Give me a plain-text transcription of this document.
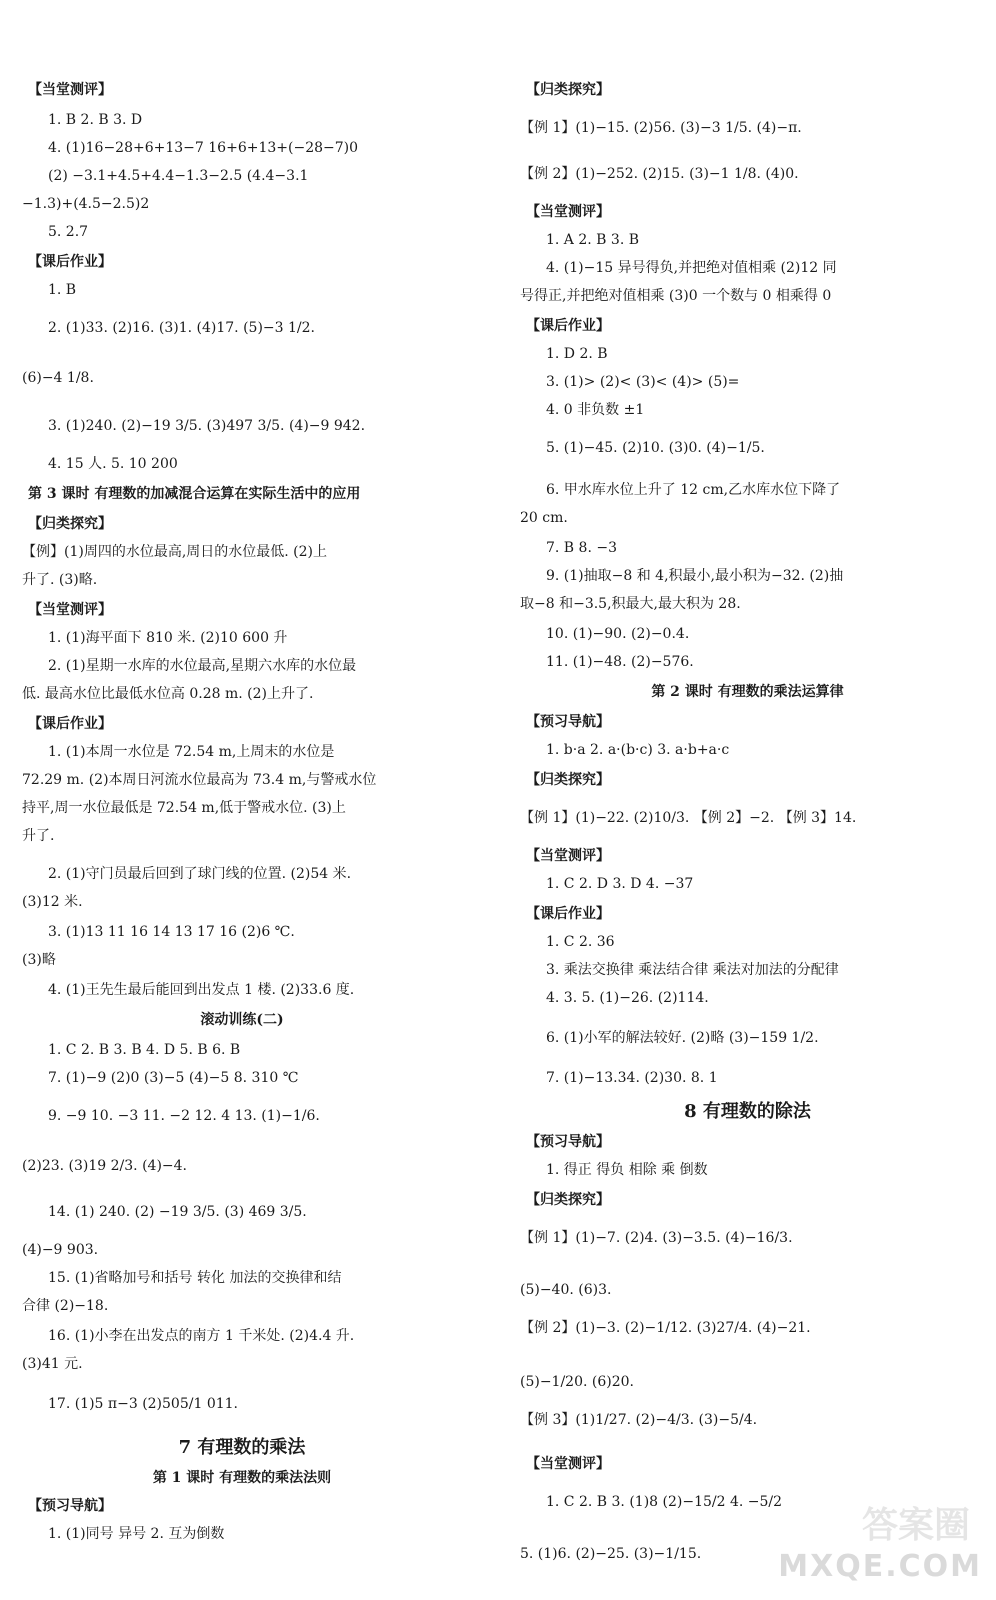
【当堂测评】
1. B 2. B 3. D
4. (1)16−28+6+13−7 16+6+13+(−28−7)0
(2) −3.1+4.5+4.4−1.3−2.5 (4.4−3.1
−1.3)+(4.5−2.5)2
5. 2.7
【课后作业】
1. B
2. (1)33. (2)16. (3)1. (4)17. (5)−3 1/2.
(6)−4 1/8.
3. (1)240. (2)−19 3/5. (3)497 3/5. (4)−9 942.
4. 15 人. 5. 10 200
第 3 课时 有理数的加减混合运算在实际生活中的应用
【归类探究】
【例】(1)周四的水位最高,周日的水位最低. (2)上
升了. (3)略.
【当堂测评】
1. (1)海平面下 810 米. (2)10 600 升
2. (1)星期一水库的水位最高,星期六水库的水位最
低. 最高水位比最低水位高 0.28 m. (2)上升了.
【课后作业】
1. (1)本周一水位是 72.54 m,上周末的水位是
72.29 m. (2)本周日河流水位最高为 73.4 m,与警戒水位
持平,周一水位最低是 72.54 m,低于警戒水位. (3)上
升了.
2. (1)守门员最后回到了球门线的位置. (2)54 米.
(3)12 米.
3. (1)13 11 16 14 13 17 16 (2)6 ℃.
(3)略
4. (1)王先生最后能回到出发点 1 楼. (2)33.6 度.
滚动训练(二)
1. C 2. B 3. B 4. D 5. B 6. B
7. (1)−9 (2)0 (3)−5 (4)−5 8. 310 ℃
9. −9 10. −3 11. −2 12. 4 13. (1)−1/6.
(2)23. (3)19 2/3. (4)−4.
14. (1) 240. (2) −19 3/5. (3) 469 3/5.
(4)−9 903.
15. (1)省略加号和括号 转化 加法的交换律和结
合律 (2)−18.
16. (1)小李在出发点的南方 1 千米处. (2)4.4 升.
(3)41 元.
17. (1)5 π−3 (2)505/1 011.
7 有理数的乘法
第 1 课时 有理数的乘法法则
【预习导航】
1. (1)同号 异号 2. 互为倒数
【归类探究】
【例 1】(1)−15. (2)56. (3)−3 1/5. (4)−π.
【例 2】(1)−252. (2)15. (3)−1 1/8. (4)0.
【当堂测评】
1. A 2. B 3. B
4. (1)−15 异号得负,并把绝对值相乘 (2)12 同
号得正,并把绝对值相乘 (3)0 一个数与 0 相乘得 0
【课后作业】
1. D 2. B
3. (1)> (2)< (3)< (4)> (5)=
4. 0 非负数 ±1
5. (1)−45. (2)10. (3)0. (4)−1/5.
6. 甲水库水位上升了 12 cm,乙水库水位下降了
20 cm.
7. B 8. −3
9. (1)抽取−8 和 4,积最小,最小积为−32. (2)抽
取−8 和−3.5,积最大,最大积为 28.
10. (1)−90. (2)−0.4.
11. (1)−48. (2)−576.
第 2 课时 有理数的乘法运算律
【预习导航】
1. b·a 2. a·(b·c) 3. a·b+a·c
【归类探究】
【例 1】(1)−22. (2)10/3. 【例 2】−2. 【例 3】14.
【当堂测评】
1. C 2. D 3. D 4. −37
【课后作业】
1. C 2. 36
3. 乘法交换律 乘法结合律 乘法对加法的分配律
4. 3. 5. (1)−26. (2)114.
6. (1)小军的解法较好. (2)略 (3)−159 1/2.
7. (1)−13.34. (2)30. 8. 1
8 有理数的除法
【预习导航】
1. 得正 得负 相除 乘 倒数
【归类探究】
【例 1】(1)−7. (2)4. (3)−3.5. (4)−16/3.
(5)−40. (6)3.
【例 2】(1)−3. (2)−1/12. (3)27/4. (4)−21.
(5)−1/20. (6)20.
【例 3】(1)1/27. (2)−4/3. (3)−5/4.
【当堂测评】
1. C 2. B 3. (1)8 (2)−15/2 4. −5/2
5. (1)6. (2)−25. (3)−1/15.
答案圈
MXQE.COM
